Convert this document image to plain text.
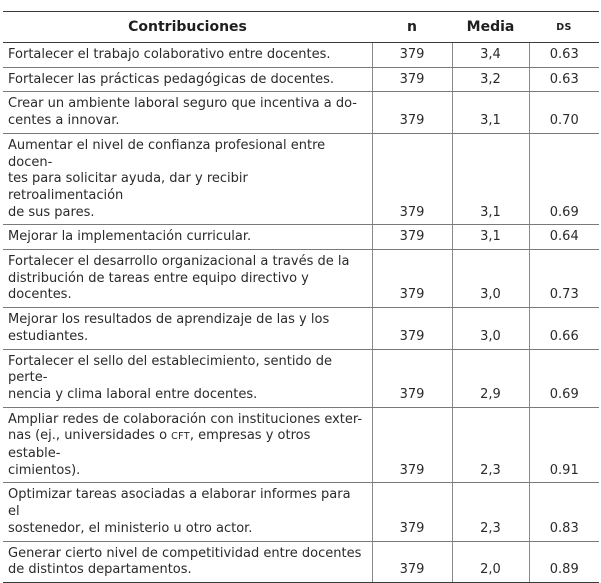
Contribuciones	n	Media	DS
Fortalecer el trabajo colaborativo entre docentes.	379	3,4	0.63
Fortalecer las prácticas pedagógicas de docentes.	379	3,2	0.63
Crear un ambiente laboral seguro que incentiva a do-
centes a innovar.	379	3,1	0.70
Aumentar el nivel de confianza profesional entre docen-
tes para solicitar ayuda, dar y recibir retroalimentación
de sus pares.	379	3,1	0.69
Mejorar la implementación curricular.	379	3,1	0.64
Fortalecer el desarrollo organizacional a través de la
distribución de tareas entre equipo directivo y docentes.	379	3,0	0.73
Mejorar los resultados de aprendizaje de las y los
estudiantes.	379	3,0	0.66
Fortalecer el sello del establecimiento, sentido de perte-
nencia y clima laboral entre docentes.	379	2,9	0.69
Ampliar redes de colaboración con instituciones exter-
nas (ej., universidades o CFT, empresas y otros estable-
cimientos).	379	2,3	0.91
Optimizar tareas asociadas a elaborar informes para el
sostenedor, el ministerio u otro actor.	379	2,3	0.83
Generar cierto nivel de competitividad entre docentes
de distintos departamentos.	379	2,0	0.89
